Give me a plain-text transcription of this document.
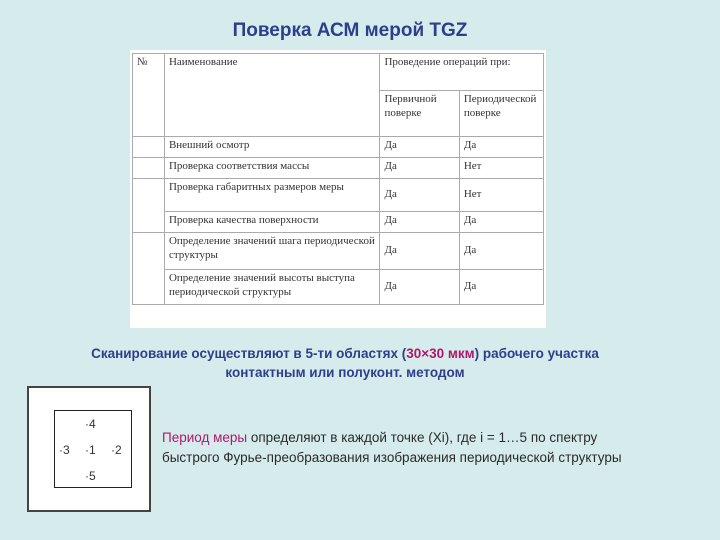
Поверка АСМ мерой TGZ
№	Наименование	Проведение операций при:	
		Первичной поверке	Периодической поверке
	Внешний осмотр	Да	Да
	Проверка соответствия массы	Да	Нет
	Проверка габаритных размеров меры	Да	Нет
	Проверка качества поверхности	Да	Да
	Определение значений шага периодической структуры	Да	Да
	Определение значений высоты выступа периодической структуры	Да	Да
Сканирование осуществляют в 5-ти областях (30×30 мкм) рабочего участка
контактным или полуконт. методом
·4
·3 ·1 ·2
·5
Период меры определяют в каждой точке (Xi), где i = 1…5 по спектру
быстрого Фурье-преобразования изображения периодической структуры
